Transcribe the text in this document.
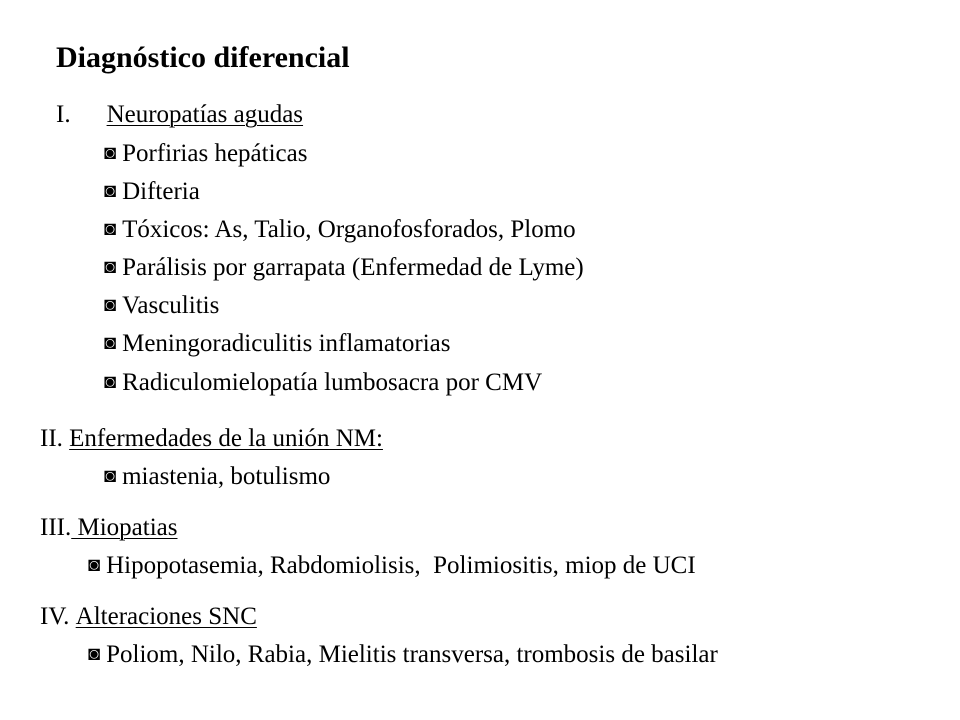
Diagnóstico diferencial
I. Neuropatías agudas
◙ Porfirias hepáticas
◙ Difteria
◙ Tóxicos: As, Talio, Organofosforados, Plomo
◙ Parálisis por garrapata (Enfermedad de Lyme)
◙ Vasculitis
◙ Meningoradiculitis inflamatorias
◙ Radiculomielopatía lumbosacra por CMV
II. Enfermedades de la unión NM:
◙ miastenia, botulismo
III. Miopatias
◙ Hipopotasemia, Rabdomiolisis,  Polimiositis, miop de UCI
IV. Alteraciones SNC
◙ Poliom, Nilo, Rabia, Mielitis transversa, trombosis de basilar
